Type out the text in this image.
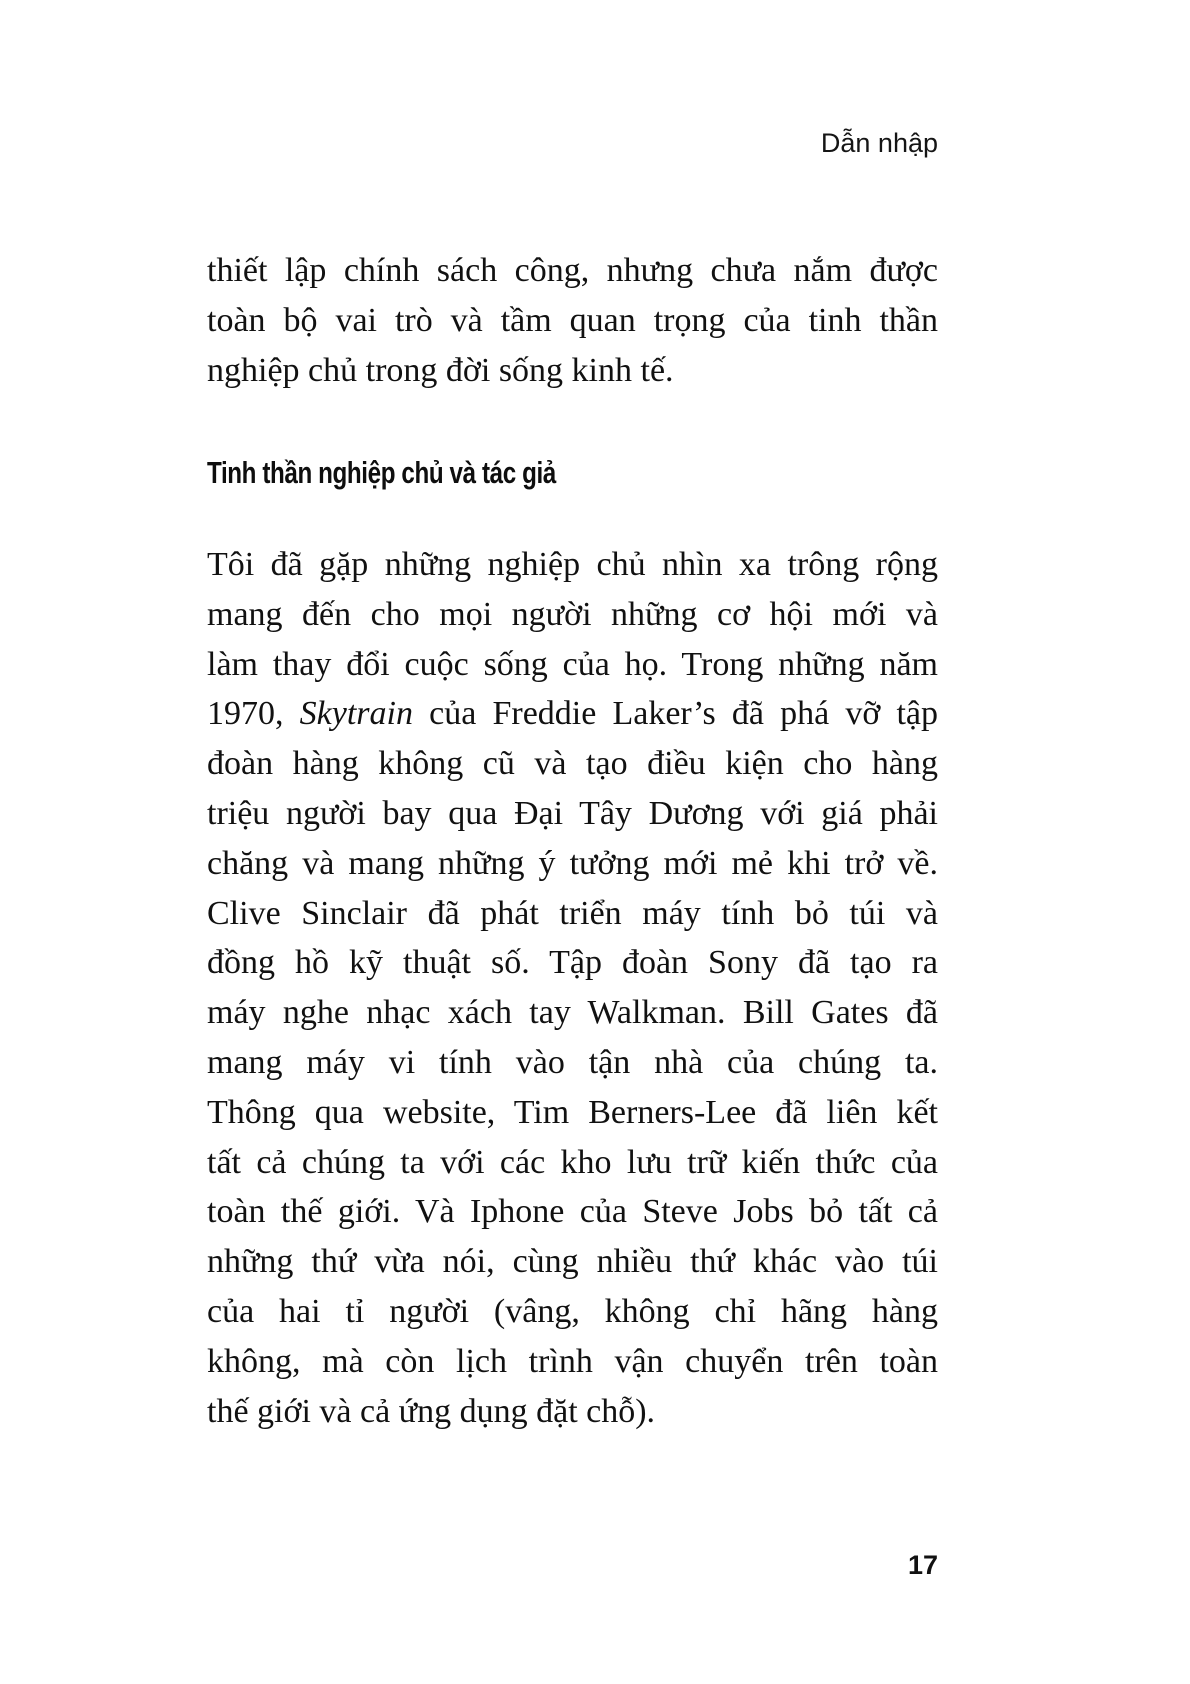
Dẫn nhập
thiết lập chính sách công, nhưng chưa nắm được
toàn bộ vai trò và tầm quan trọng của tinh thần
nghiệp chủ trong đời sống kinh tế.
Tinh thần nghiệp chủ và tác giả
Tôi đã gặp những nghiệp chủ nhìn xa trông rộng
mang đến cho mọi người những cơ hội mới và
làm thay đổi cuộc sống của họ. Trong những năm
1970, Skytrain của Freddie Laker’s đã phá vỡ tập
đoàn hàng không cũ và tạo điều kiện cho hàng
triệu người bay qua Đại Tây Dương với giá phải
chăng và mang những ý tưởng mới mẻ khi trở về.
Clive Sinclair đã phát triển máy tính bỏ túi và
đồng hồ kỹ thuật số. Tập đoàn Sony đã tạo ra
máy nghe nhạc xách tay Walkman. Bill Gates đã
mang máy vi tính vào tận nhà của chúng ta.
Thông qua website, Tim Berners-Lee đã liên kết
tất cả chúng ta với các kho lưu trữ kiến thức của
toàn thế giới. Và Iphone của Steve Jobs bỏ tất cả
những thứ vừa nói, cùng nhiều thứ khác vào túi
của hai tỉ người (vâng, không chỉ hãng hàng
không, mà còn lịch trình vận chuyển trên toàn
thế giới và cả ứng dụng đặt chỗ).
17
